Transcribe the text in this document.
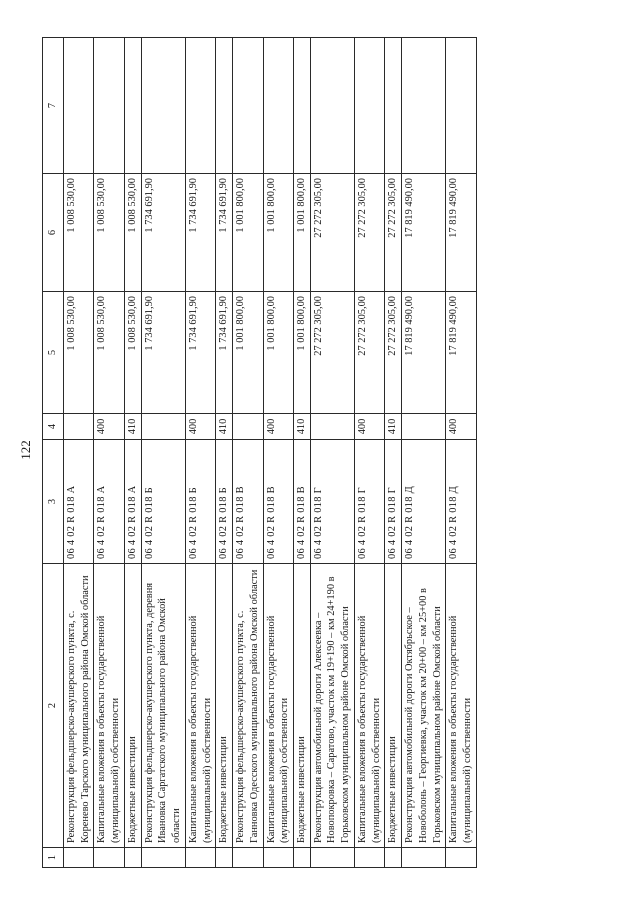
122
1	2	3	4	5	6	7
	Реконструкция фельдшерско-акушерского пункта, с. Коренево Тарского муниципального района Омской области	06 4 02 R 018 А		1 008 530,00	1 008 530,00	
	Капитальные вложения в объекты государственной (муниципальной) собственности	06 4 02 R 018 А	400	1 008 530,00	1 008 530,00	
	Бюджетные инвестиции	06 4 02 R 018 А	410	1 008 530,00	1 008 530,00	
	Реконструкция фельдшерско-акушерского пункта, деревня Ивановка Саргатского муниципального района Омской области	06 4 02 R 018 Б		1 734 691,90	1 734 691,90	
	Капитальные вложения в объекты государственной (муниципальной) собственности	06 4 02 R 018 Б	400	1 734 691,90	1 734 691,90	
	Бюджетные инвестиции	06 4 02 R 018 Б	410	1 734 691,90	1 734 691,90	
	Реконструкция фельдшерско-акушерского пункта, с. Ганновка Одесского муниципального района Омской области	06 4 02 R 018 В		1 001 800,00	1 001 800,00	
	Капитальные вложения в объекты государственной (муниципальной) собственности	06 4 02 R 018 В	400	1 001 800,00	1 001 800,00	
	Бюджетные инвестиции	06 4 02 R 018 В	410	1 001 800,00	1 001 800,00	
	Реконструкция автомобильной дороги Алексеевка – Новопокровка – Саратово, участок км 19+190 – км 24+190 в Горьковском муниципальном районе Омской области	06 4 02 R 018 Г		27 272 305,00	27 272 305,00	
	Капитальные вложения в объекты государственной (муниципальной) собственности	06 4 02 R 018 Г	400	27 272 305,00	27 272 305,00	
	Бюджетные инвестиции	06 4 02 R 018 Г	410	27 272 305,00	27 272 305,00	
	Реконструкция автомобильной дороги Октябрьское – Новоболонь – Георгиевка, участок км 20+00 – км 25+00 в Горьковском муниципальном районе Омской области	06 4 02 R 018 Д		17 819 490,00	17 819 490,00	
	Капитальные вложения в объекты государственной (муниципальной) собственности	06 4 02 R 018 Д	400	17 819 490,00	17 819 490,00	
